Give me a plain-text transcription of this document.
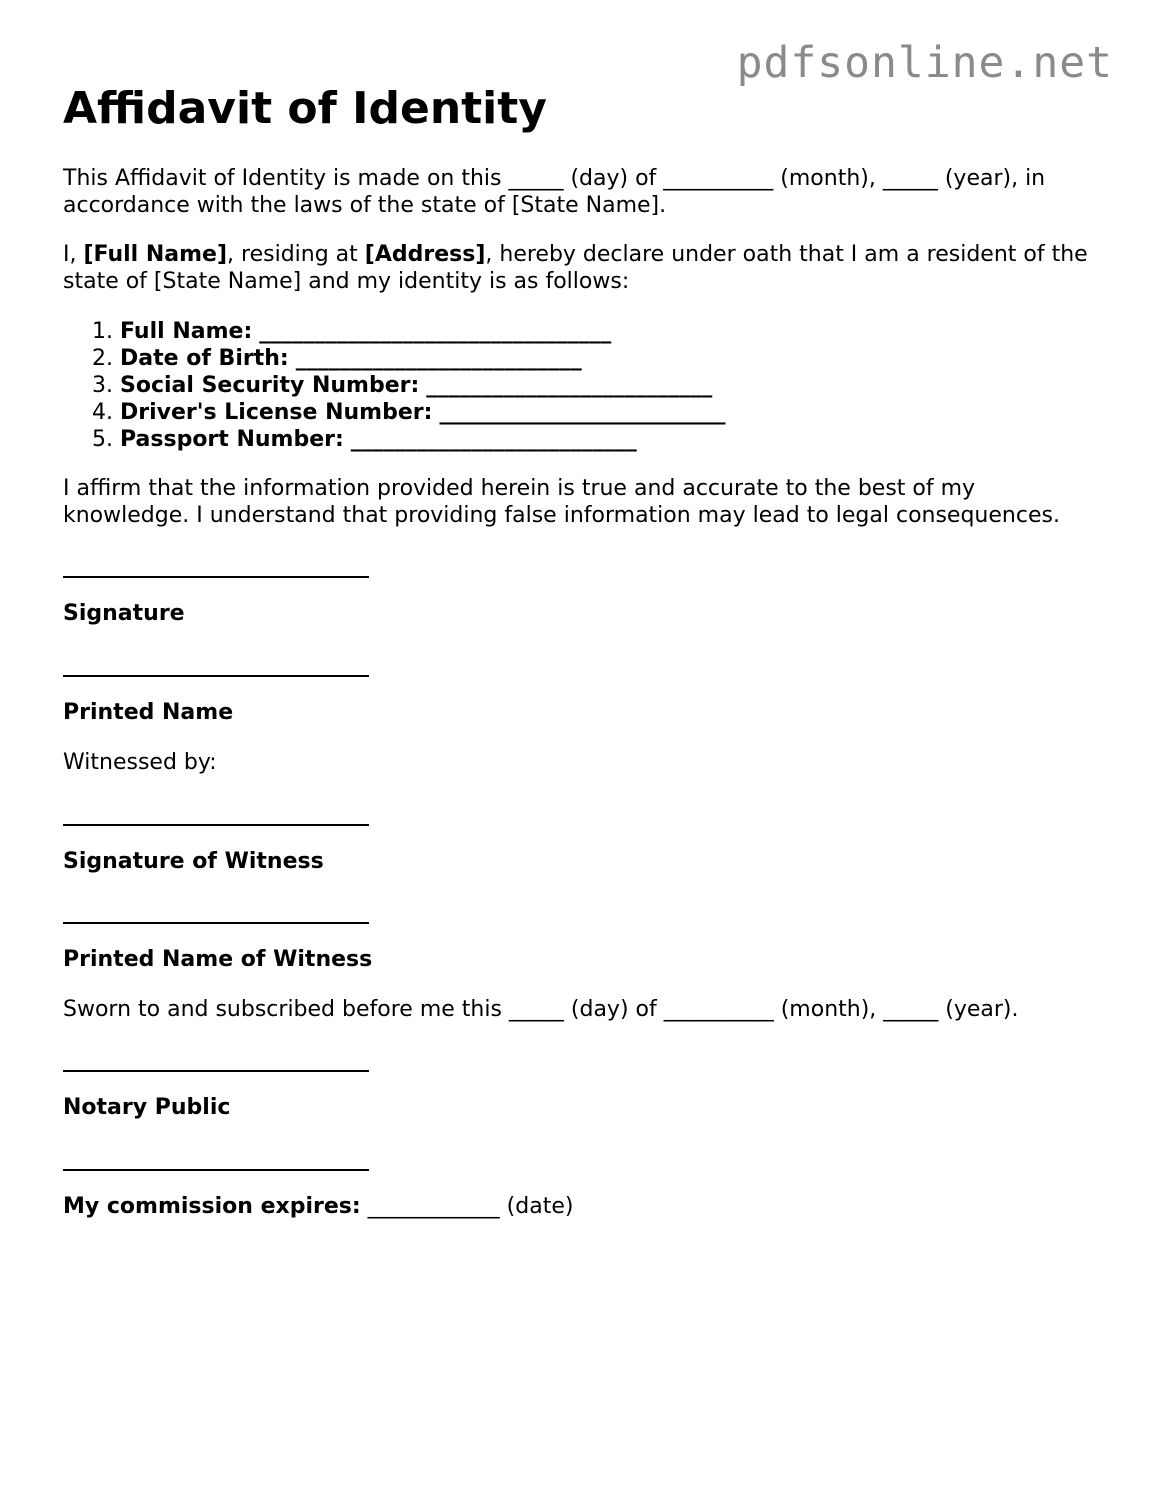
pdfsonline.net
Affidavit of Identity

This Affidavit of Identity is made on this _____ (day) of __________ (month), _____ (year), in accordance with the laws of the state of [State Name].

I, [Full Name], residing at [Address], hereby declare under oath that I am a resident of the state of [State Name] and my identity is as follows:

1. Full Name: ________________________________
2. Date of Birth: __________________________
3. Social Security Number: __________________________
4. Driver's License Number: __________________________
5. Passport Number: __________________________

I affirm that the information provided herein is true and accurate to the best of my knowledge. I understand that providing false information may lead to legal consequences.

Signature
Printed Name
Witnessed by:
Signature of Witness
Printed Name of Witness
Sworn to and subscribed before me this _____ (day) of __________ (month), _____ (year).
Notary Public
My commission expires: ____________ (date)
